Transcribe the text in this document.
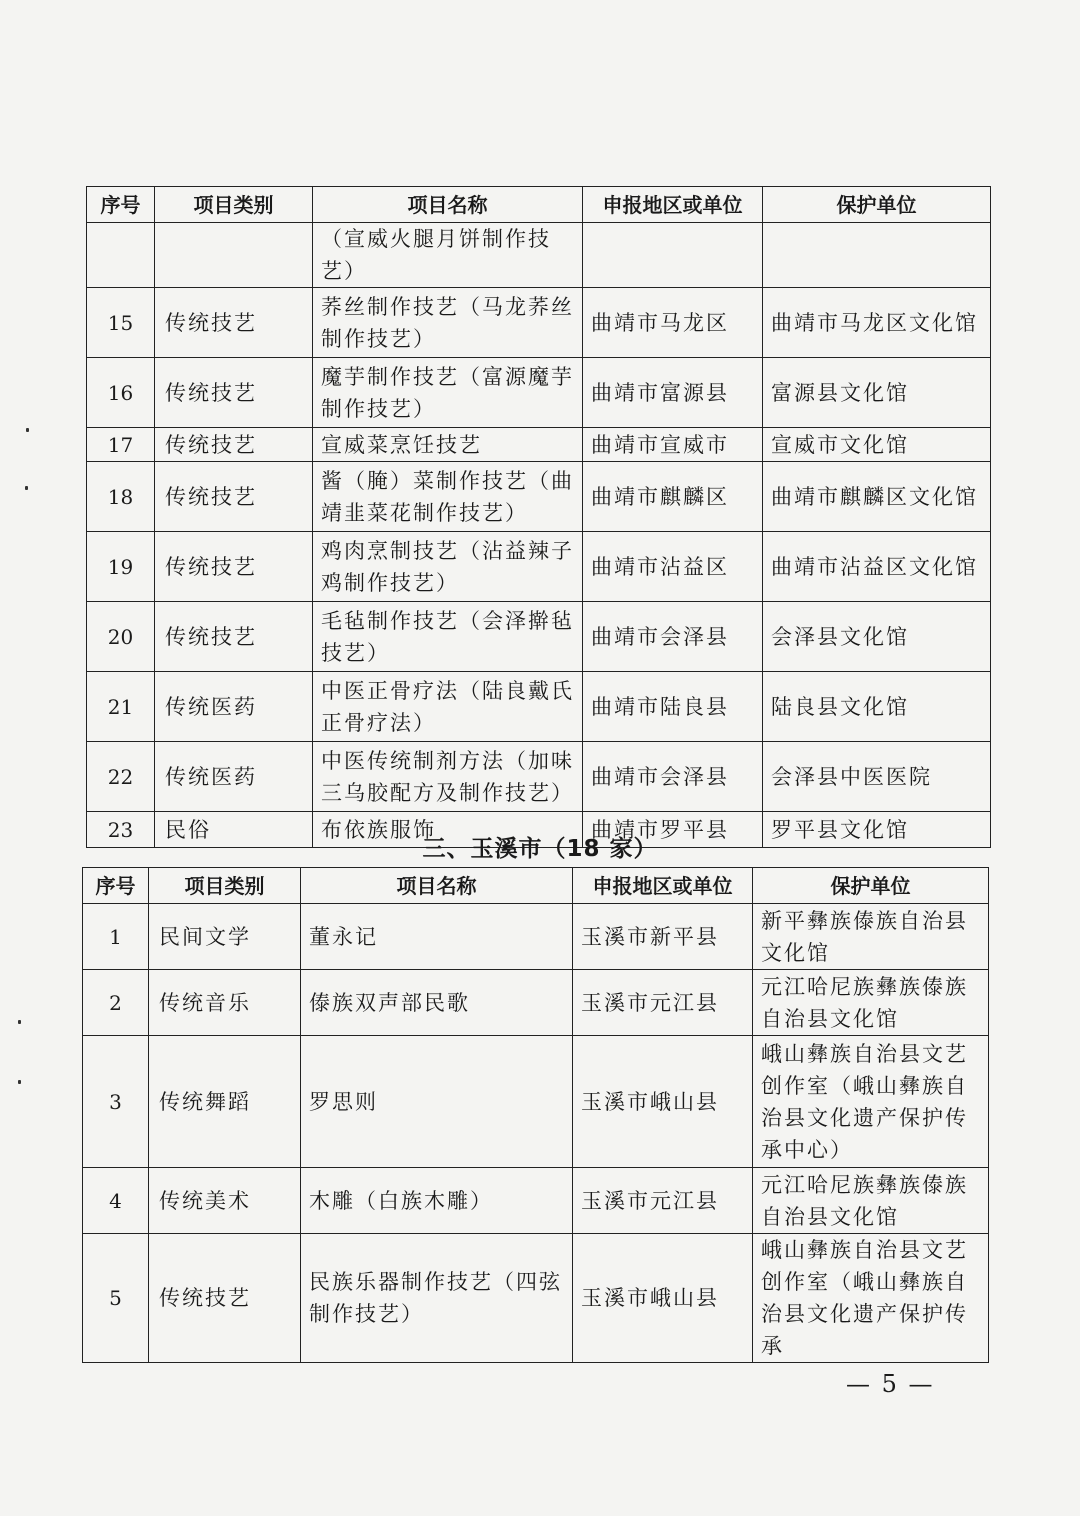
序号	项目类别	项目名称	申报地区或单位	保护单位
		（宣威火腿月饼制作技艺）		
15	传统技艺	荞丝制作技艺（马龙荞丝制作技艺）	曲靖市马龙区	曲靖市马龙区文化馆
16	传统技艺	魔芋制作技艺（富源魔芋制作技艺）	曲靖市富源县	富源县文化馆
17	传统技艺	宣威菜烹饪技艺	曲靖市宣威市	宣威市文化馆
18	传统技艺	酱（腌）菜制作技艺（曲靖韭菜花制作技艺）	曲靖市麒麟区	曲靖市麒麟区文化馆
19	传统技艺	鸡肉烹制技艺（沾益辣子鸡制作技艺）	曲靖市沾益区	曲靖市沾益区文化馆
20	传统技艺	毛毡制作技艺（会泽擀毡技艺）	曲靖市会泽县	会泽县文化馆
21	传统医药	中医正骨疗法（陆良戴氏正骨疗法）	曲靖市陆良县	陆良县文化馆
22	传统医药	中医传统制剂方法（加味三乌胶配方及制作技艺）	曲靖市会泽县	会泽县中医医院
23	民俗	布依族服饰	曲靖市罗平县	罗平县文化馆
三、玉溪市（18 家）
序号	项目类别	项目名称	申报地区或单位	保护单位
1	民间文学	董永记	玉溪市新平县	新平彝族傣族自治县文化馆
2	传统音乐	傣族双声部民歌	玉溪市元江县	元江哈尼族彝族傣族自治县文化馆
3	传统舞蹈	罗思则	玉溪市峨山县	峨山彝族自治县文艺创作室（峨山彝族自治县文化遗产保护传承中心）
4	传统美术	木雕（白族木雕）	玉溪市元江县	元江哈尼族彝族傣族自治县文化馆
5	传统技艺	民族乐器制作技艺（四弦制作技艺）	玉溪市峨山县	峨山彝族自治县文艺创作室（峨山彝族自治县文化遗产保护传承
— 5 —
